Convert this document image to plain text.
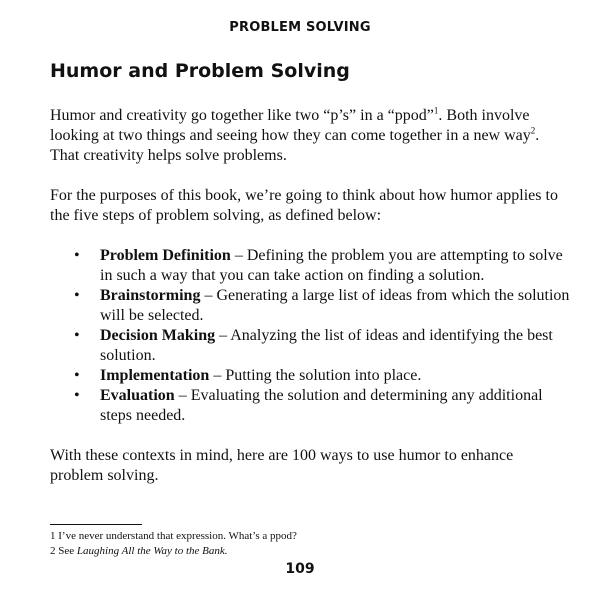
PROBLEM SOLVING
Humor and Problem Solving

Humor and creativity go together like two “p’s” in a “ppod”$^1$. Both involve looking at two things and seeing how they can come together in a new way$^2$. That creativity helps solve problems.

For the purposes of this book, we’re going to think about how humor applies to the five steps of problem solving, as defined below:

• Problem Definition – Defining the problem you are attempting to solve in such a way that you can take action on finding a solution.
• Brainstorming – Generating a large list of ideas from which the solution will be selected.
• Decision Making – Analyzing the list of ideas and identifying the best solution.
• Implementation – Putting the solution into place.
• Evaluation – Evaluating the solution and determining any additional steps needed.

With these contexts in mind, here are 100 ways to use humor to enhance problem solving.

1 I’ve never understand that expression. What’s a ppod?
2 See Laughing All the Way to the Bank.
109
